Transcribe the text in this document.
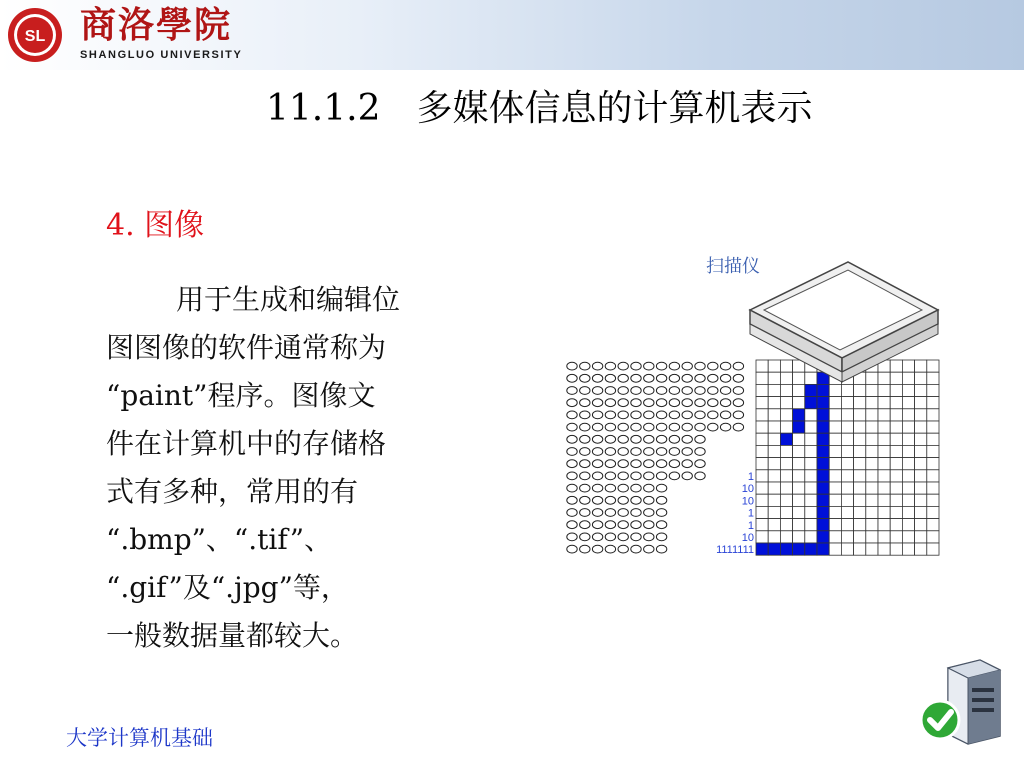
SL 商洛學院
SHANGLUO UNIVERSITY
11.1.2　多媒体信息的计算机表示
4. 图像
用于生成和编辑位
图图像的软件通常称为
“paint”程序。图像文
件在计算机中的存储格
式有多种，常用的有
“.bmp”、“.tif”、
“.gif”及“.jpg”等，
一般数据量都较大。
扫描仪
1
10
10
1
1
10
1111111
大学计算机基础
